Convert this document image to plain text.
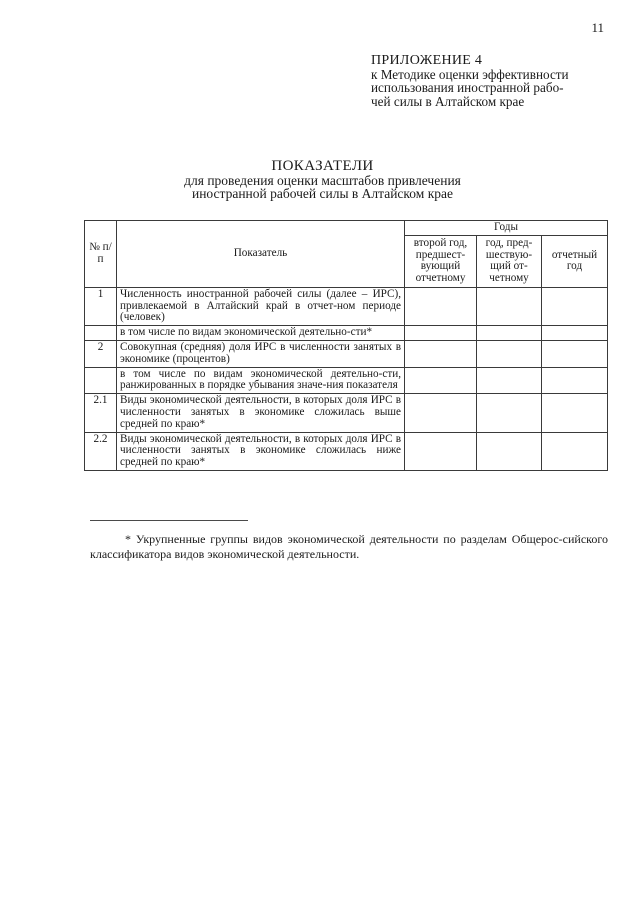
11
ПРИЛОЖЕНИЕ 4
к Методике оценки эффективности
использования иностранной рабо-
чей силы в Алтайском крае
ПОКАЗАТЕЛИ
для проведения оценки масштабов привлечения
иностранной рабочей силы в Алтайском крае
№ п/п	Показатель	Годы		
		второй год, предшест-вующий отчетному	год, пред-шествую-щий от-четному	отчетный год
1	Численность иностранной рабочей силы (далее – ИРС), привлекаемой в Алтайский край в отчет-ном периоде (человек)			
	в том числе по видам экономической деятельно-сти*			
2	Совокупная (средняя) доля ИРС в численности занятых в экономике (процентов)			
	в том числе по видам экономической деятельно-сти, ранжированных в порядке убывания значе-ния показателя			
2.1	Виды экономической деятельности, в которых доля ИРС в численности занятых в экономике сложилась выше средней по краю*			
2.2	Виды экономической деятельности, в которых доля ИРС в численности занятых в экономике сложилась ниже средней по краю*			
* Укрупненные группы видов экономической деятельности по разделам Общерос-сийского классификатора видов экономической деятельности.
